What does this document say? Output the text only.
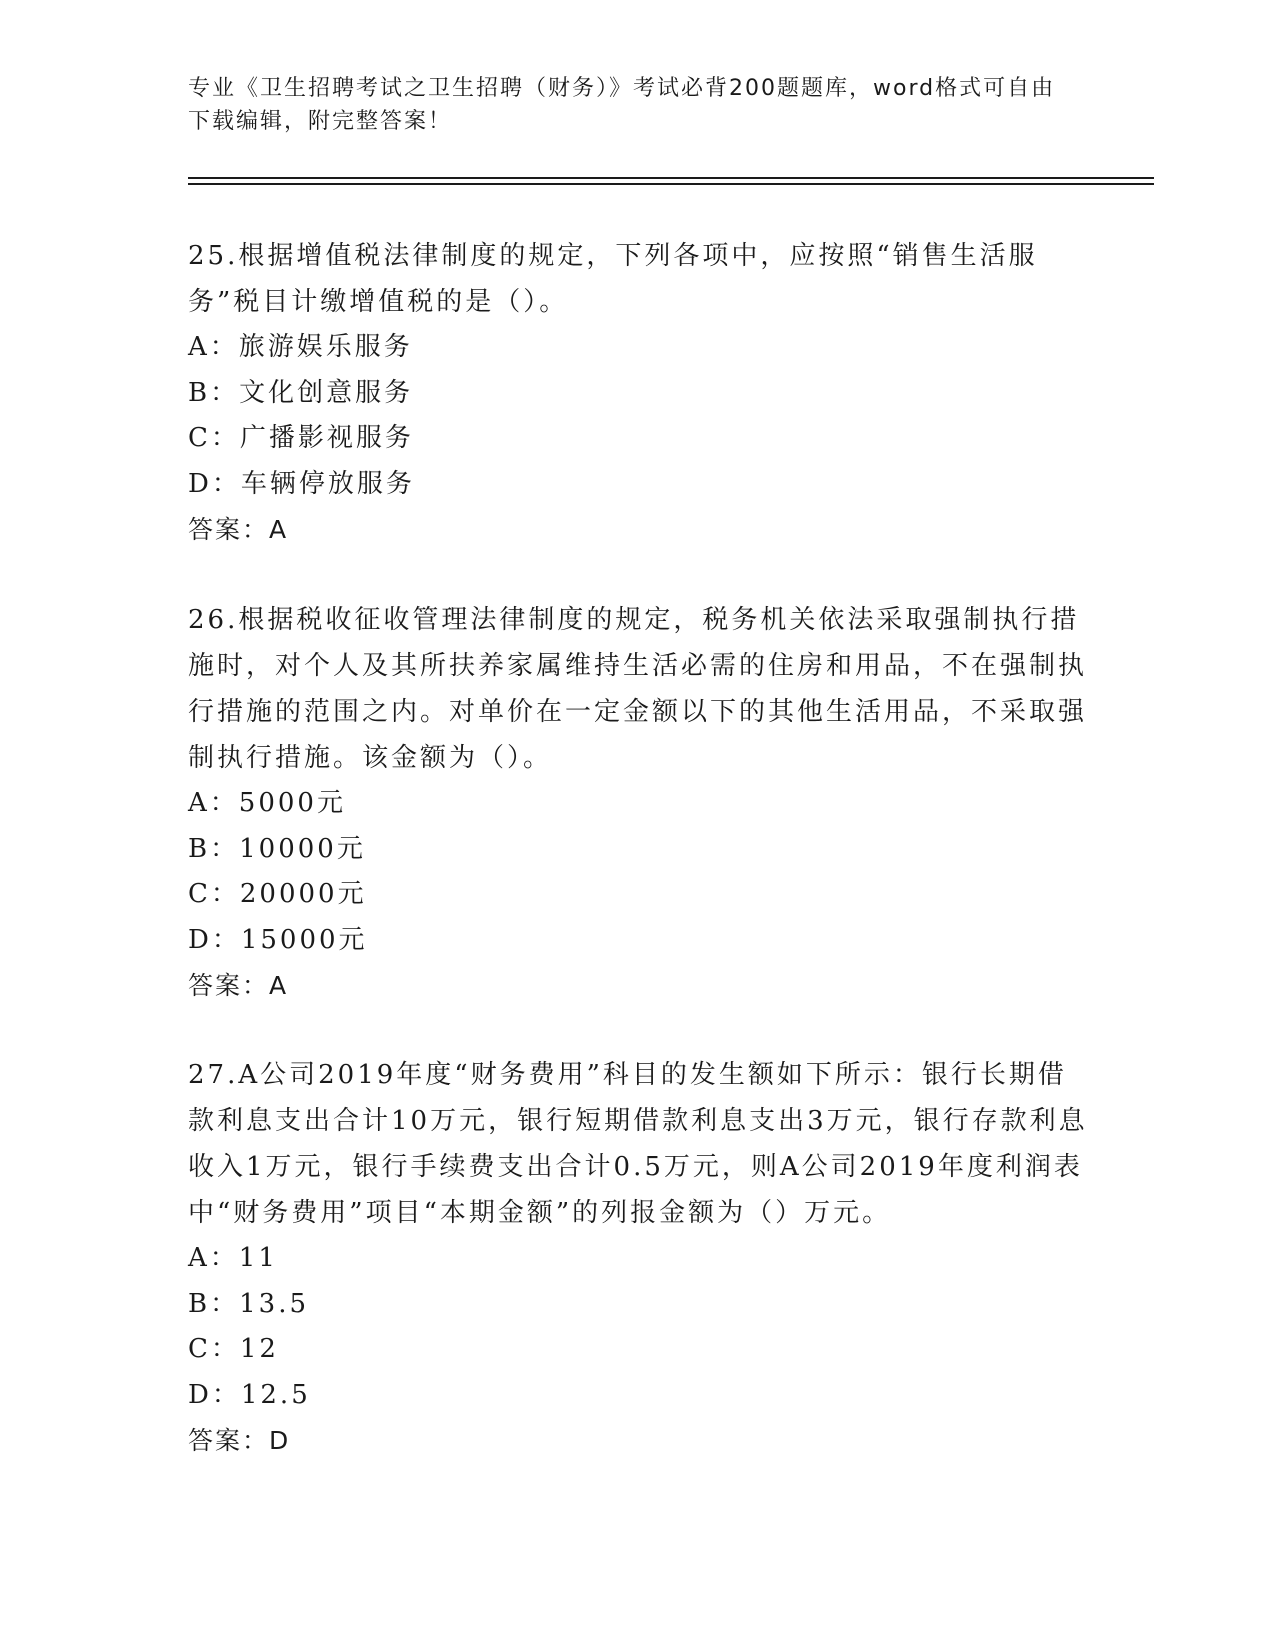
专业《卫生招聘考试之卫生招聘（财务）》考试必背200题题库，word格式可自由下载编辑，附完整答案！

25.根据增值税法律制度的规定，下列各项中，应按照“销售生活服务”税目计缴增值税的是（）。

A：旅游娱乐服务

B：文化创意服务

C：广播影视服务

D：车辆停放服务

答案：A

26.根据税收征收管理法律制度的规定，税务机关依法采取强制执行措施时，对个人及其所扶养家属维持生活必需的住房和用品，不在强制执行措施的范围之内。对单价在一定金额以下的其他生活用品，不采取强制执行措施。该金额为（）。

A：5000元

B：10000元

C：20000元

D：15000元

答案：A

27.A公司2019年度“财务费用”科目的发生额如下所示：银行长期借款利息支出合计10万元，银行短期借款利息支出3万元，银行存款利息收入1万元，银行手续费支出合计0.5万元，则A公司2019年度利润表中“财务费用”项目“本期金额”的列报金额为（）万元。

A：11

B：13.5

C：12

D：12.5

答案：D
